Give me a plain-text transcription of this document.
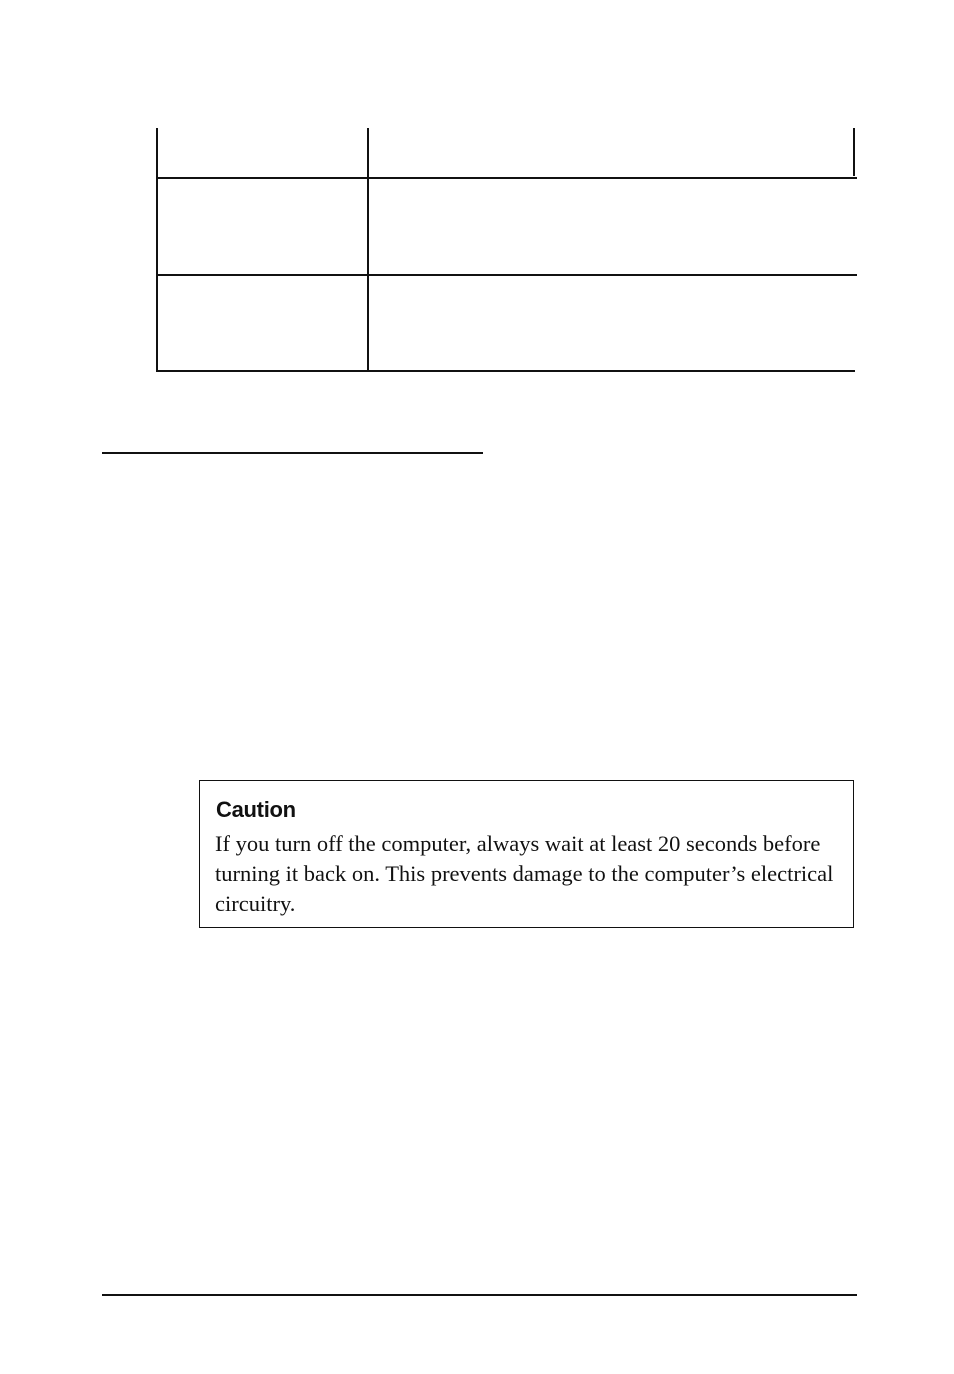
Caution
If you turn off the computer, always wait at least 20 seconds before turning it back on. This prevents damage to the computer’s electrical circuitry.
